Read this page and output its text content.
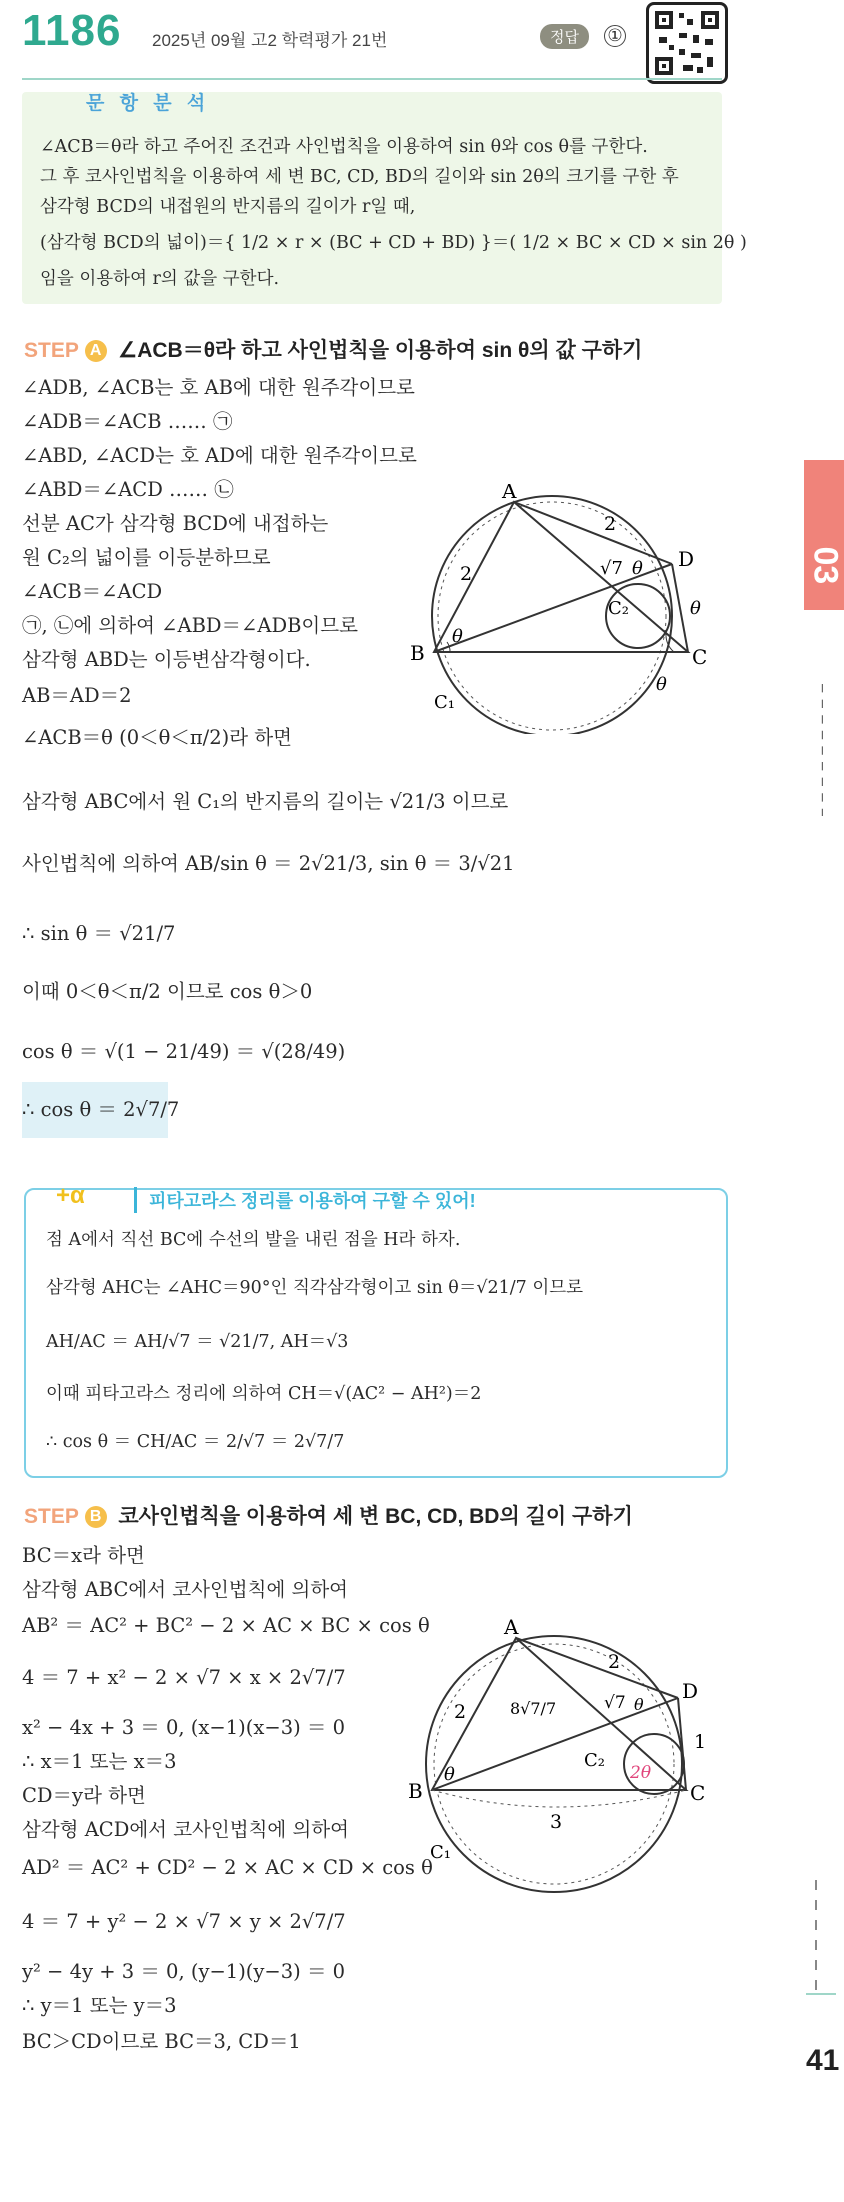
1186 2025년 09월 고2 학력평가 21번	정답	①
문 항 분 석
∠ACB＝θ라 하고 주어진 조건과 사인법칙을 이용하여 sin θ와 cos θ를 구한다.
그 후 코사인법칙을 이용하여 세 변 BC, CD, BD의 길이와 sin 2θ의 크기를 구한 후
삼각형 BCD의 내접원의 반지름의 길이가 r일 때,
(삼각형 BCD의 넓이)＝{ 1/2 × r × (BC + CD + BD) }＝( 1/2 × BC × CD × sin 2θ )
임을 이용하여 r의 값을 구한다.
STEP A ∠ACB＝θ라 하고 사인법칙을 이용하여 sin θ의 값 구하기
∠ADB, ∠ACB는 호 AB에 대한 원주각이므로
∠ADB＝∠ACB …… ㉠
∠ABD, ∠ACD는 호 AD에 대한 원주각이므로
∠ABD＝∠ACD …… ㉡
선분 AC가 삼각형 BCD에 내접하는
원 C₂의 넓이를 이등분하므로
∠ACB＝∠ACD
㉠, ㉡에 의하여 ∠ABD＝∠ADB이므로
삼각형 ABD는 이등변삼각형이다.
AB＝AD＝2
∠ACB＝θ (0＜θ＜π/2)라 하면
삼각형 ABC에서 원 C₁의 반지름의 길이는 √21/3 이므로
사인법칙에 의하여 AB/sin θ ＝ 2√21/3, sin θ ＝ 3/√21
∴ sin θ ＝ √21/7
이때 0＜θ＜π/2 이므로 cos θ＞0
cos θ ＝ √(1 − 21/49) ＝ √(28/49)
∴ cos θ ＝ 2√7/7
A
B	C
D
C₁
C₂
2
2
√7
θ
θ
θ
θ
+α	피타고라스 정리를 이용하여 구할 수 있어!
점 A에서 직선 BC에 수선의 발을 내린 점을 H라 하자.
삼각형 AHC는 ∠AHC＝90°인 직각삼각형이고 sin θ＝√21/7 이므로
AH/AC ＝ AH/√7 ＝ √21/7, AH＝√3
이때 피타고라스 정리에 의하여 CH＝√(AC² − AH²)＝2
∴ cos θ ＝ CH/AC ＝ 2/√7 ＝ 2√7/7
STEP B 코사인법칙을 이용하여 세 변 BC, CD, BD의 길이 구하기
BC＝x라 하면
삼각형 ABC에서 코사인법칙에 의하여
AB² ＝ AC² + BC² − 2 × AC × BC × cos θ
4 ＝ 7 + x² − 2 × √7 × x × 2√7/7
x² − 4x + 3 ＝ 0, (x−1)(x−3) ＝ 0
∴ x＝1 또는 x＝3
CD＝y라 하면
삼각형 ACD에서 코사인법칙에 의하여
AD² ＝ AC² + CD² − 2 × AC × CD × cos θ
4 ＝ 7 + y² − 2 × √7 × y × 2√7/7
y² − 4y + 3 ＝ 0, (y−1)(y−3) ＝ 0
∴ y＝1 또는 y＝3
BC＞CD이므로 BC＝3, CD＝1
A
B	C
D
C₁
C₂
2
2
√7
8√7/7
3
1
θ
θ
2θ
03
41
